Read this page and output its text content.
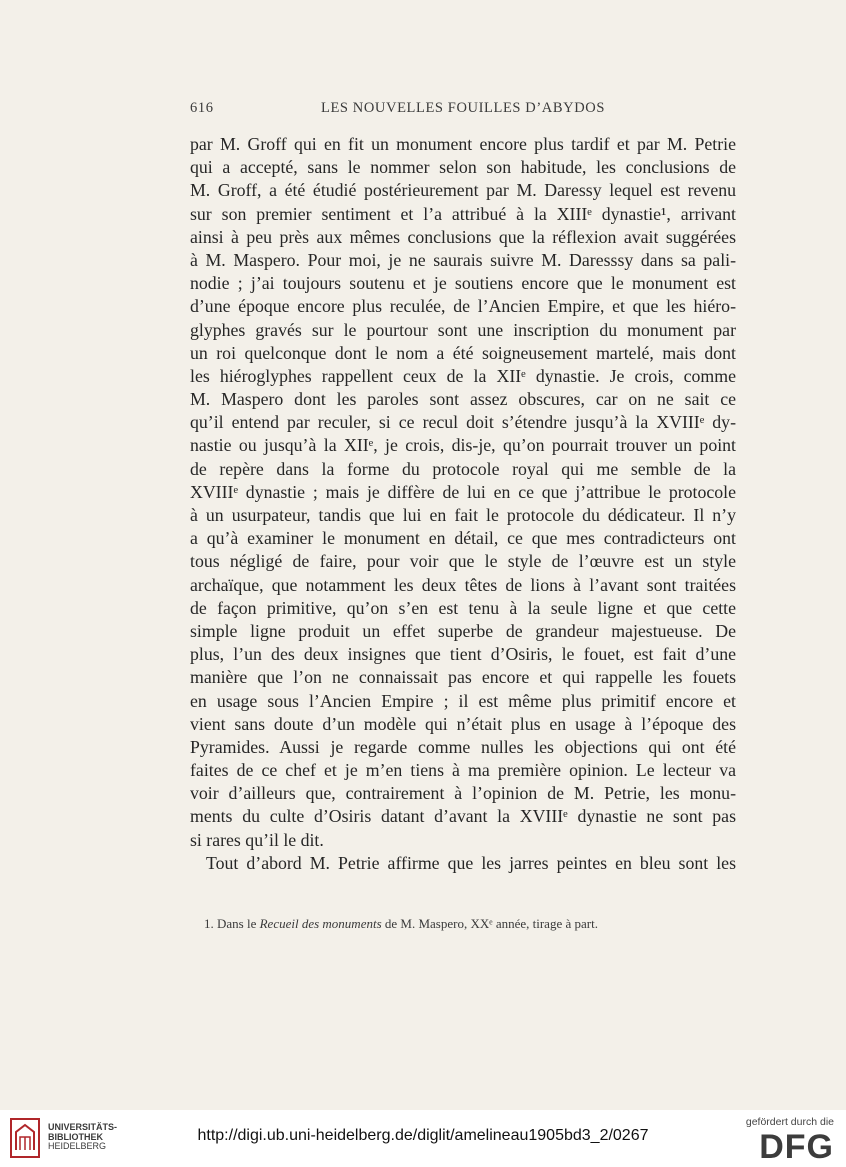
616	LES NOUVELLES FOUILLES D’ABYDOS
par M. Groff qui en fit un monument encore plus tardif et par M. Petrie
qui a accepté, sans le nommer selon son habitude, les conclusions de
M. Groff, a été étudié postérieurement par M. Daressy lequel est revenu
sur son premier sentiment et l’a attribué à la XIIIᵉ dynastie¹, arrivant
ainsi à peu près aux mêmes conclusions que la réflexion avait suggérées
à M. Maspero. Pour moi, je ne saurais suivre M. Daresssy dans sa pali-
nodie ; j’ai toujours soutenu et je soutiens encore que le monument est
d’une époque encore plus reculée, de l’Ancien Empire, et que les hiéro-
glyphes gravés sur le pourtour sont une inscription du monument par
un roi quelconque dont le nom a été soigneusement martelé, mais dont
les hiéroglyphes rappellent ceux de la XIIᵉ dynastie. Je crois, comme
M. Maspero dont les paroles sont assez obscures, car on ne sait ce
qu’il entend par reculer, si ce recul doit s’étendre jusqu’à la XVIIIᵉ dy-
nastie ou jusqu’à la XIIᵉ, je crois, dis-je, qu’on pourrait trouver un point
de repère dans la forme du protocole royal qui me semble de la
XVIIIᵉ dynastie ; mais je diffère de lui en ce que j’attribue le protocole
à un usurpateur, tandis que lui en fait le protocole du dédicateur. Il n’y
a qu’à examiner le monument en détail, ce que mes contradicteurs ont
tous négligé de faire, pour voir que le style de l’œuvre est un style
archaïque, que notamment les deux têtes de lions à l’avant sont traitées
de façon primitive, qu’on s’en est tenu à la seule ligne et que cette
simple ligne produit un effet superbe de grandeur majestueuse. De
plus, l’un des deux insignes que tient d’Osiris, le fouet, est fait d’une
manière que l’on ne connaissait pas encore et qui rappelle les fouets
en usage sous l’Ancien Empire ; il est même plus primitif encore et
vient sans doute d’un modèle qui n’était plus en usage à l’époque des
Pyramides. Aussi je regarde comme nulles les objections qui ont été
faites de ce chef et je m’en tiens à ma première opinion. Le lecteur va
voir d’ailleurs que, contrairement à l’opinion de M. Petrie, les monu-
ments du culte d’Osiris datant d’avant la XVIIIᵉ dynastie ne sont pas
si rares qu’il le dit.
Tout d’abord M. Petrie affirme que les jarres peintes en bleu sont les
1. Dans le Recueil des monuments de M. Maspero, XXᵉ année, tirage à part.
UNIVERSITÄTS-
BIBLIOTHEK
HEIDELBERG
http://digi.ub.uni-heidelberg.de/diglit/amelineau1905bd3_2/0267
gefördert durch die
DFG
